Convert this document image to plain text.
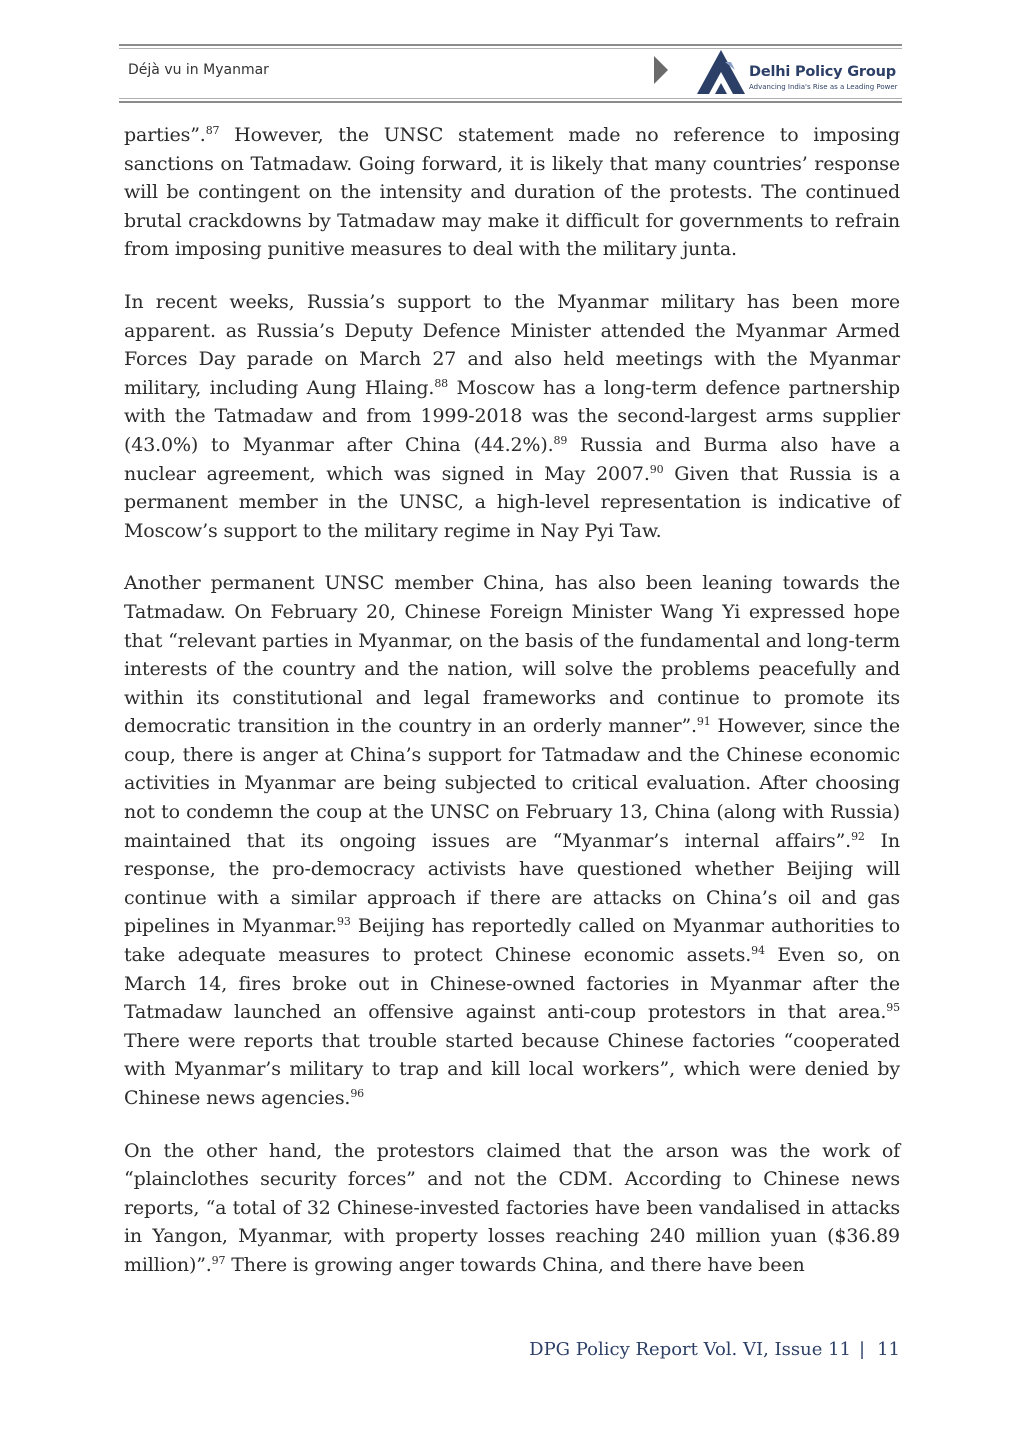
Déjà vu in Myanmar	Delhi Policy Group
Advancing India's Rise as a Leading Power

parties”.$^{87}$ However, the UNSC statement made no reference to imposing sanctions on Tatmadaw. Going forward, it is likely that many countries’ response will be contingent on the intensity and duration of the protests. The continued brutal crackdowns by Tatmadaw may make it difficult for governments to refrain from imposing punitive measures to deal with the military junta.

In recent weeks, Russia’s support to the Myanmar military has been more apparent. as Russia’s Deputy Defence Minister attended the Myanmar Armed Forces Day parade on March 27 and also held meetings with the Myanmar military, including Aung Hlaing.$^{88}$ Moscow has a long-term defence partnership with the Tatmadaw and from 1999-2018 was the second-largest arms supplier (43.0%) to Myanmar after China (44.2%).$^{89}$ Russia and Burma also have a nuclear agreement, which was signed in May 2007.90 Given that Russia is a permanent member in the UNSC, a high-level representation is indicative of Moscow’s support to the military regime in Nay Pyi Taw.

Another permanent UNSC member China, has also been leaning towards the Tatmadaw. On February 20, Chinese Foreign Minister Wang Yi expressed hope that “relevant parties in Myanmar, on the basis of the fundamental and long-term interests of the country and the nation, will solve the problems peacefully and within its constitutional and legal frameworks and continue to promote its democratic transition in the country in an orderly manner”.$^{91}$ However, since the coup, there is anger at China’s support for Tatmadaw and the Chinese economic activities in Myanmar are being subjected to critical evaluation. After choosing not to condemn the coup at the UNSC on February 13, China (along with Russia) maintained that its ongoing issues are “Myanmar’s internal affairs”.$^{92}$ In response, the pro-democracy activists have questioned whether Beijing will continue with a similar approach if there are attacks on China’s oil and gas pipelines in Myanmar.$^{93}$ Beijing has reportedly called on Myanmar authorities to take adequate measures to protect Chinese economic assets.$^{94}$ Even so, on March 14, fires broke out in Chinese-owned factories in Myanmar after the Tatmadaw launched an offensive against anti-coup protestors in that area.$^{95}$ There were reports that trouble started because Chinese factories “cooperated with Myanmar’s military to trap and kill local workers”, which were denied by Chinese news agencies.$^{96}$

On the other hand, the protestors claimed that the arson was the work of “plainclothes security forces” and not the CDM. According to Chinese news reports, “a total of 32 Chinese-invested factories have been vandalised in attacks in Yangon, Myanmar, with property losses reaching 240 million yuan ($36.89 million)”.$^{97}$ There is growing anger towards China, and there have been

DPG Policy Report Vol. VI, Issue 11 | 11
